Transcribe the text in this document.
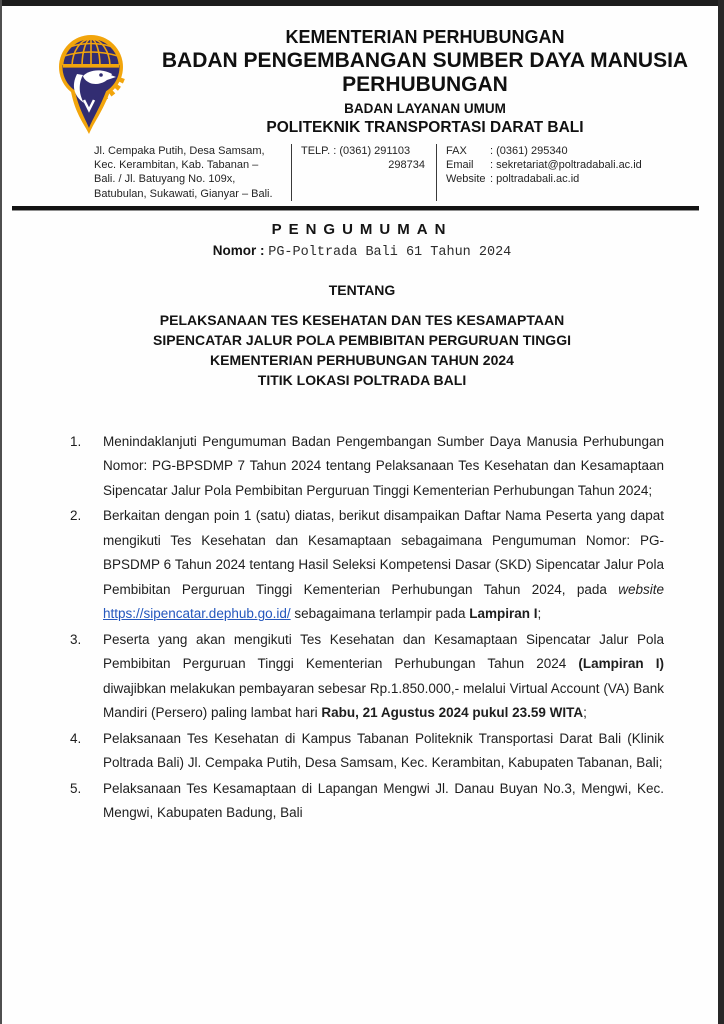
KEMENTERIAN PERHUBUNGAN
BADAN PENGEMBANGAN SUMBER DAYA MANUSIA
PERHUBUNGAN
BADAN LAYANAN UMUM
POLITEKNIK TRANSPORTASI DARAT BALI
Jl. Cempaka Putih, Desa Samsam, Kec. Kerambitan, Kab. Tabanan – Bali. / Jl. Batuyang No. 109x, Batubulan, Sukawati, Gianyar – Bali.
TELP. : (0361) 291103
298734
FAX	: (0361) 295340
Email	: sekretariat@poltradabali.ac.id
Website : poltradabali.ac.id
PENGUMUMAN
Nomor : PG-Poltrada Bali 61 Tahun 2024
TENTANG
PELAKSANAAN TES KESEHATAN DAN TES KESAMAPTAAN
SIPENCATAR JALUR POLA PEMBIBITAN PERGURUAN TINGGI
KEMENTERIAN PERHUBUNGAN TAHUN 2024
TITIK LOKASI POLTRADA BALI
1.	Menindaklanjuti Pengumuman Badan Pengembangan Sumber Daya Manusia Perhubungan Nomor: PG-BPSDMP 7 Tahun 2024 tentang Pelaksanaan Tes Kesehatan dan Kesamaptaan Sipencatar Jalur Pola Pembibitan Perguruan Tinggi Kementerian Perhubungan Tahun 2024;
2.	Berkaitan dengan poin 1 (satu) diatas, berikut disampaikan Daftar Nama Peserta yang dapat mengikuti Tes Kesehatan dan Kesamaptaan sebagaimana Pengumuman Nomor: PG-BPSDMP 6 Tahun 2024 tentang Hasil Seleksi Kompetensi Dasar (SKD) Sipencatar Jalur Pola Pembibitan Perguruan Tinggi Kementerian Perhubungan Tahun 2024, pada website https://sipencatar.dephub.go.id/ sebagaimana terlampir pada Lampiran I;
3.	Peserta yang akan mengikuti Tes Kesehatan dan Kesamaptaan Sipencatar Jalur Pola Pembibitan Perguruan Tinggi Kementerian Perhubungan Tahun 2024 (Lampiran I) diwajibkan melakukan pembayaran sebesar Rp.1.850.000,- melalui Virtual Account (VA) Bank Mandiri (Persero) paling lambat hari Rabu, 21 Agustus 2024 pukul 23.59 WITA;
4.	Pelaksanaan Tes Kesehatan di Kampus Tabanan Politeknik Transportasi Darat Bali (Klinik Poltrada Bali) Jl. Cempaka Putih, Desa Samsam, Kec. Kerambitan, Kabupaten Tabanan, Bali;
5.	Pelaksanaan Tes Kesamaptaan di Lapangan Mengwi Jl. Danau Buyan No.3, Mengwi, Kec. Mengwi, Kabupaten Badung, Bali
